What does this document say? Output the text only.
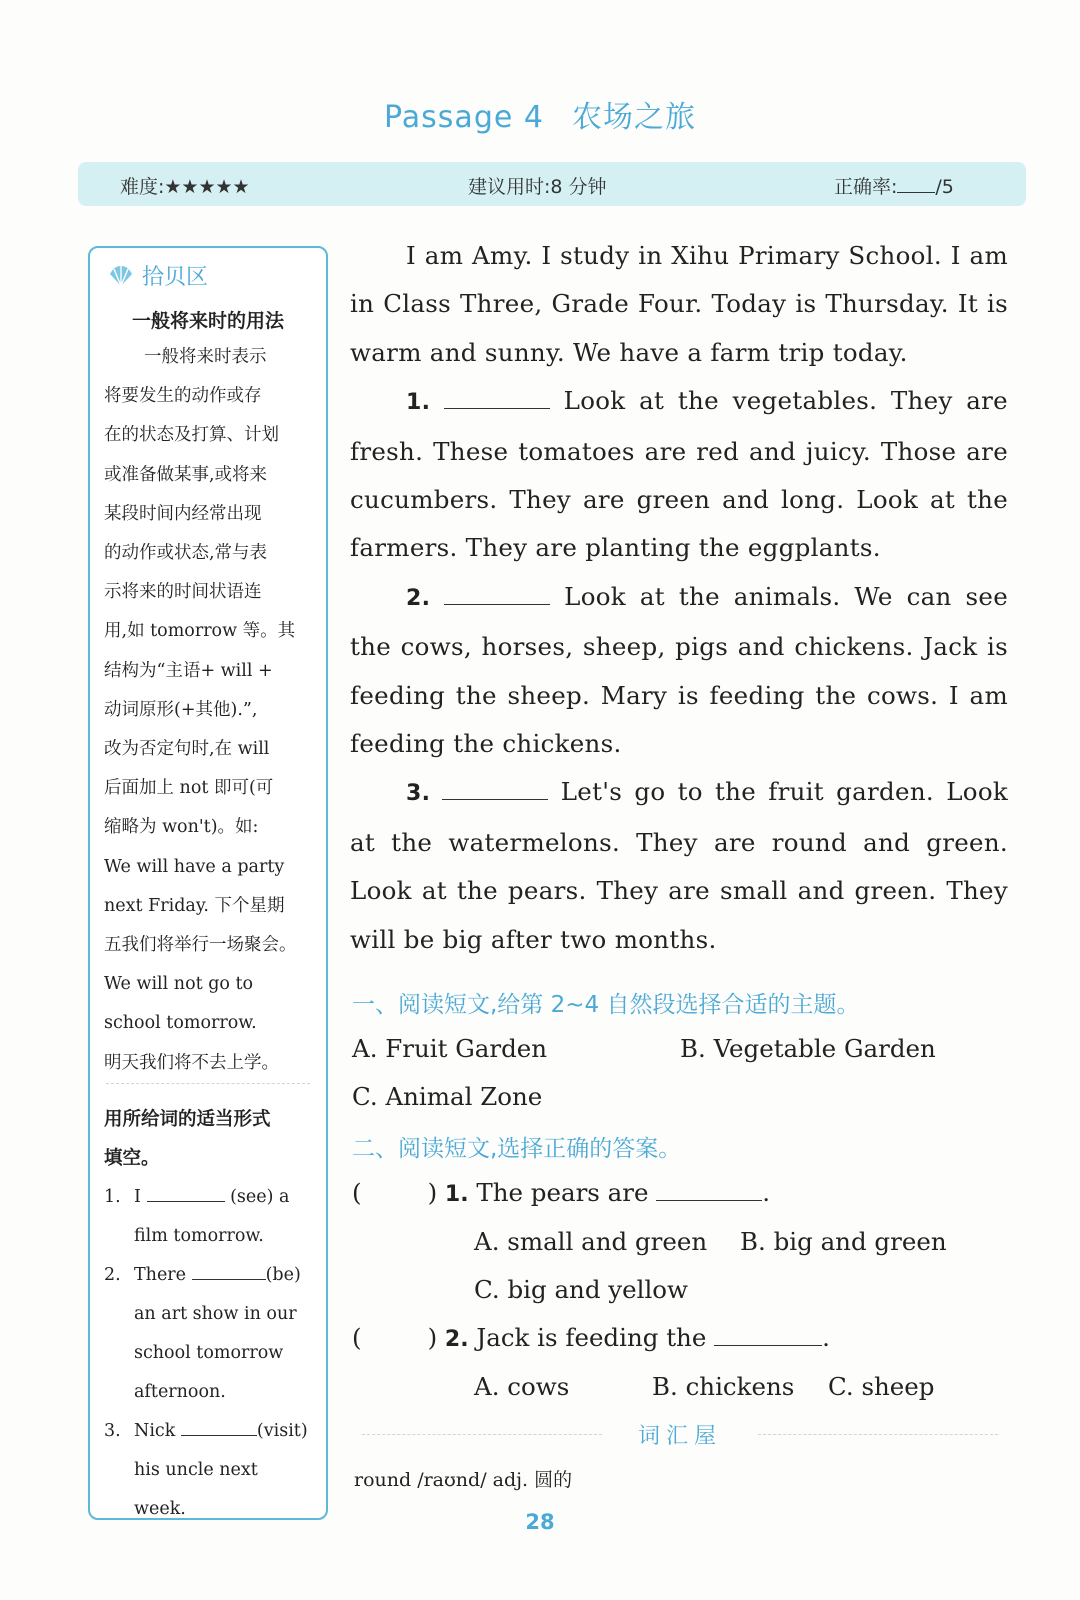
Passage 4 农场之旅
难度:★★★★★	建议用时:8 分钟	正确率: /5
拾贝区
一般将来时的用法

一般将来时表示

将要发生的动作或存

在的状态及打算、计划

或准备做某事,或将来

某段时间内经常出现

的动作或状态,常与表

示将来的时间状语连

用,如 tomorrow 等。其

结构为“主语+ will +

动词原形(+其他).”,

改为否定句时,在 will

后面加上 not 即可(可

缩略为 won't)。如:

We will have a party

next Friday. 下个星期

五我们将举行一场聚会。

We will not go to

school tomorrow.

明天我们将不去上学。

用所给词的适当形式
填空。
1. I	(see) a
film tomorrow.
2. There	(be)
an art show in our
school tomorrow
afternoon.
3. Nick	(visit)
his uncle next week.

I am Amy. I study in Xihu Primary School. I am in Class Three, Grade Four. Today is Thursday. It is warm and sunny. We have a farm trip today.

1.	Look at the vegetables. They are fresh. These tomatoes are red and juicy. Those are cucumbers. They are green and long. Look at the farmers. They are planting the eggplants.

2.	Look at the animals. We can see the cows, horses, sheep, pigs and chickens. Jack is feeding the sheep. Mary is feeding the cows. I am feeding the chickens.

3.	Let's go to the fruit garden. Look at the watermelons. They are round and green. Look at the pears. They are small and green. They will be big after two months.

一、阅读短文,给第 2~4 自然段选择合适的主题。
A. Fruit Garden	B. Vegetable Garden
C. Animal Zone
二、阅读短文,选择正确的答案。
(	) 1. The pears are	.
A. small and green B. big and green
C. big and yellow
(	) 2. Jack is feeding the	.
A. cows	B. chickens C. sheep
词汇屋
round /raʊnd/ adj. 圆的
28
